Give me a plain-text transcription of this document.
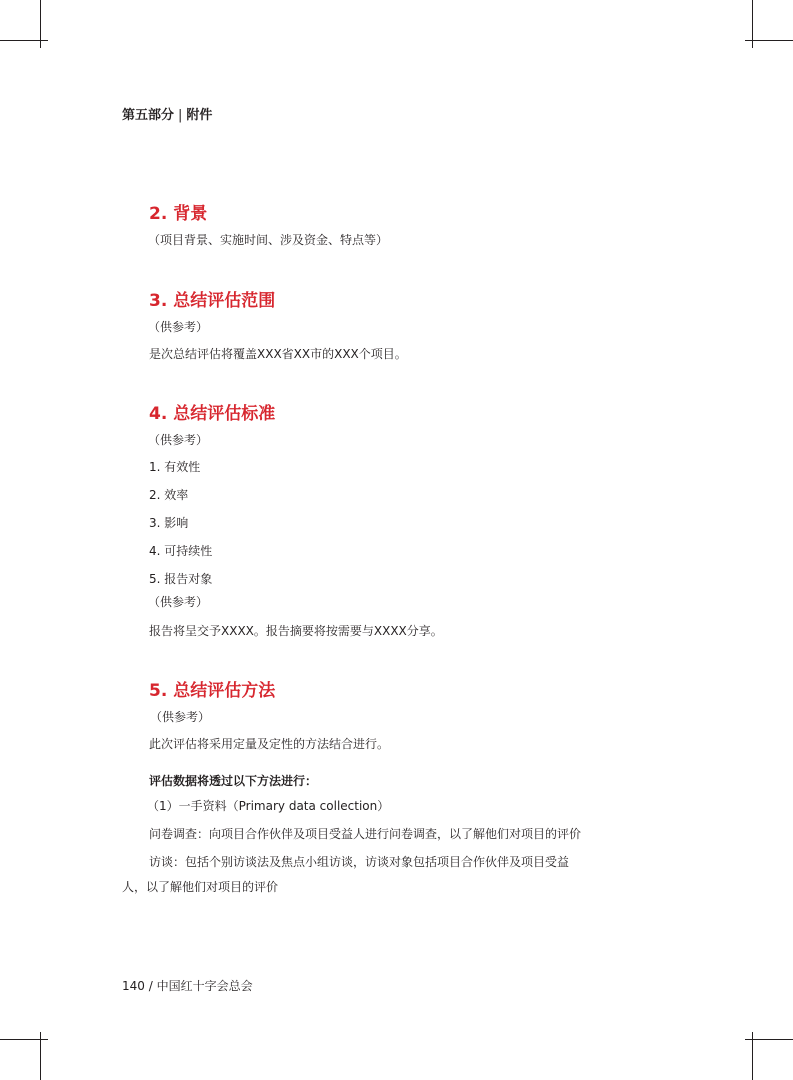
第五部分 | 附件
2. 背景
（项目背景、实施时间、涉及资金、特点等）
3. 总结评估范围
（供参考）
是次总结评估将覆盖XXX省XX市的XXX个项目。
4. 总结评估标准
（供参考）
1. 有效性
2. 效率
3. 影响
4. 可持续性
5. 报告对象
（供参考）
报告将呈交予XXXX。报告摘要将按需要与XXXX分享。
5. 总结评估方法
（供参考）
此次评估将采用定量及定性的方法结合进行。
评估数据将透过以下方法进行：
（1）一手资料（Primary data collection）
问卷调查：向项目合作伙伴及项目受益人进行问卷调查，以了解他们对项目的评价
访谈：包括个别访谈法及焦点小组访谈，访谈对象包括项目合作伙伴及项目受益
人，以了解他们对项目的评价
140 / 中国红十字会总会
